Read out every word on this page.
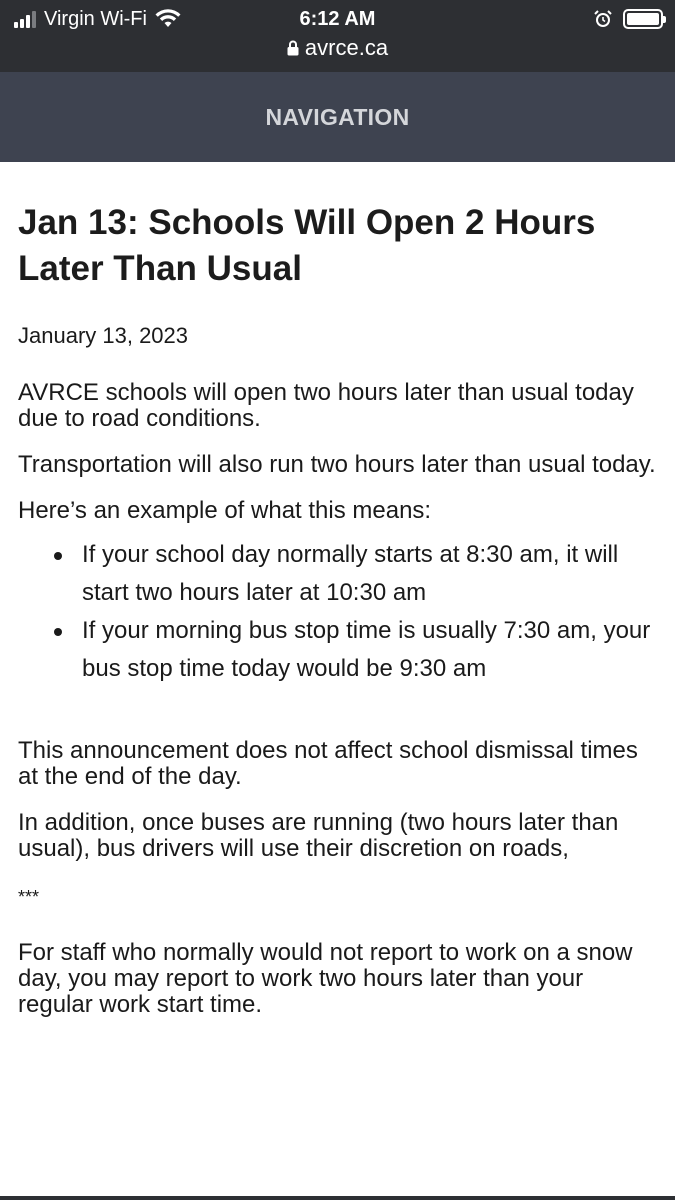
Virgin Wi-Fi	6:12 AM
avrce.ca
NAVIGATION
Jan 13: Schools Will Open 2 Hours Later Than Usual
January 13, 2023

AVRCE schools will open two hours later than usual today due to road conditions.

Transportation will also run two hours later than usual today.

Here’s an example of what this means:

If your school day normally starts at 8:30 am, it will start two hours later at 10:30 am
If your morning bus stop time is usually 7:30 am, your bus stop time today would be 9:30 am

This announcement does not affect school dismissal times at the end of the day.

In addition, once buses are running (two hours later than usual), bus drivers will use their discretion on roads,

***

For staff who normally would not report to work on a snow day, you may report to work two hours later than your regular work start time.
